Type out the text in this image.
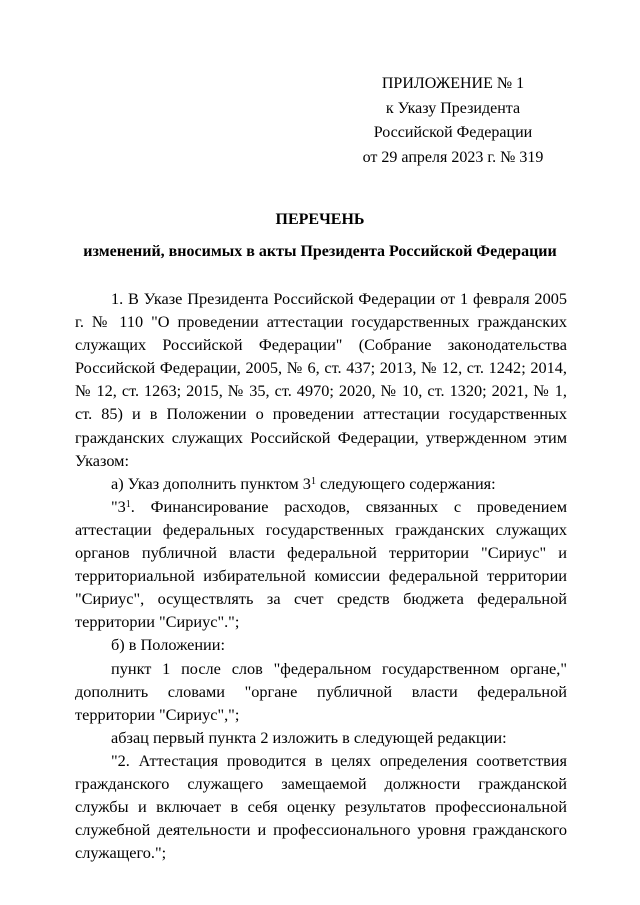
ПРИЛОЖЕНИЕ № 1
к Указу Президента
Российской Федерации
от 29 апреля 2023 г. № 319
ПЕРЕЧЕНЬ
изменений, вносимых в акты Президента Российской Федерации

1. В Указе Президента Российской Федерации от 1 февраля 2005 г. № 110 "О проведении аттестации государственных гражданских служащих Российской Федерации" (Собрание законодательства Российской Федерации, 2005, № 6, ст. 437; 2013, № 12, ст. 1242; 2014, № 12, ст. 1263; 2015, № 35, ст. 4970; 2020, № 10, ст. 1320; 2021, № 1, ст. 85) и в Положении о проведении аттестации государственных гражданских служащих Российской Федерации, утвержденном этим Указом:

а) Указ дополнить пунктом $3^1$ следующего содержания:

"$3^1$. Финансирование расходов, связанных с проведением аттестации федеральных государственных гражданских служащих органов публичной власти федеральной территории "Сириус" и территориальной избирательной комиссии федеральной территории "Сириус", осуществлять за счет средств бюджета федеральной территории "Сириус".";

б) в Положении:

пункт 1 после слов "федеральном государственном органе," дополнить словами "органе публичной власти федеральной территории "Сириус",";

абзац первый пункта 2 изложить в следующей редакции:

"2. Аттестация проводится в целях определения соответствия гражданского служащего замещаемой должности гражданской службы и включает в себя оценку результатов профессиональной служебной деятельности и профессионального уровня гражданского служащего.";
